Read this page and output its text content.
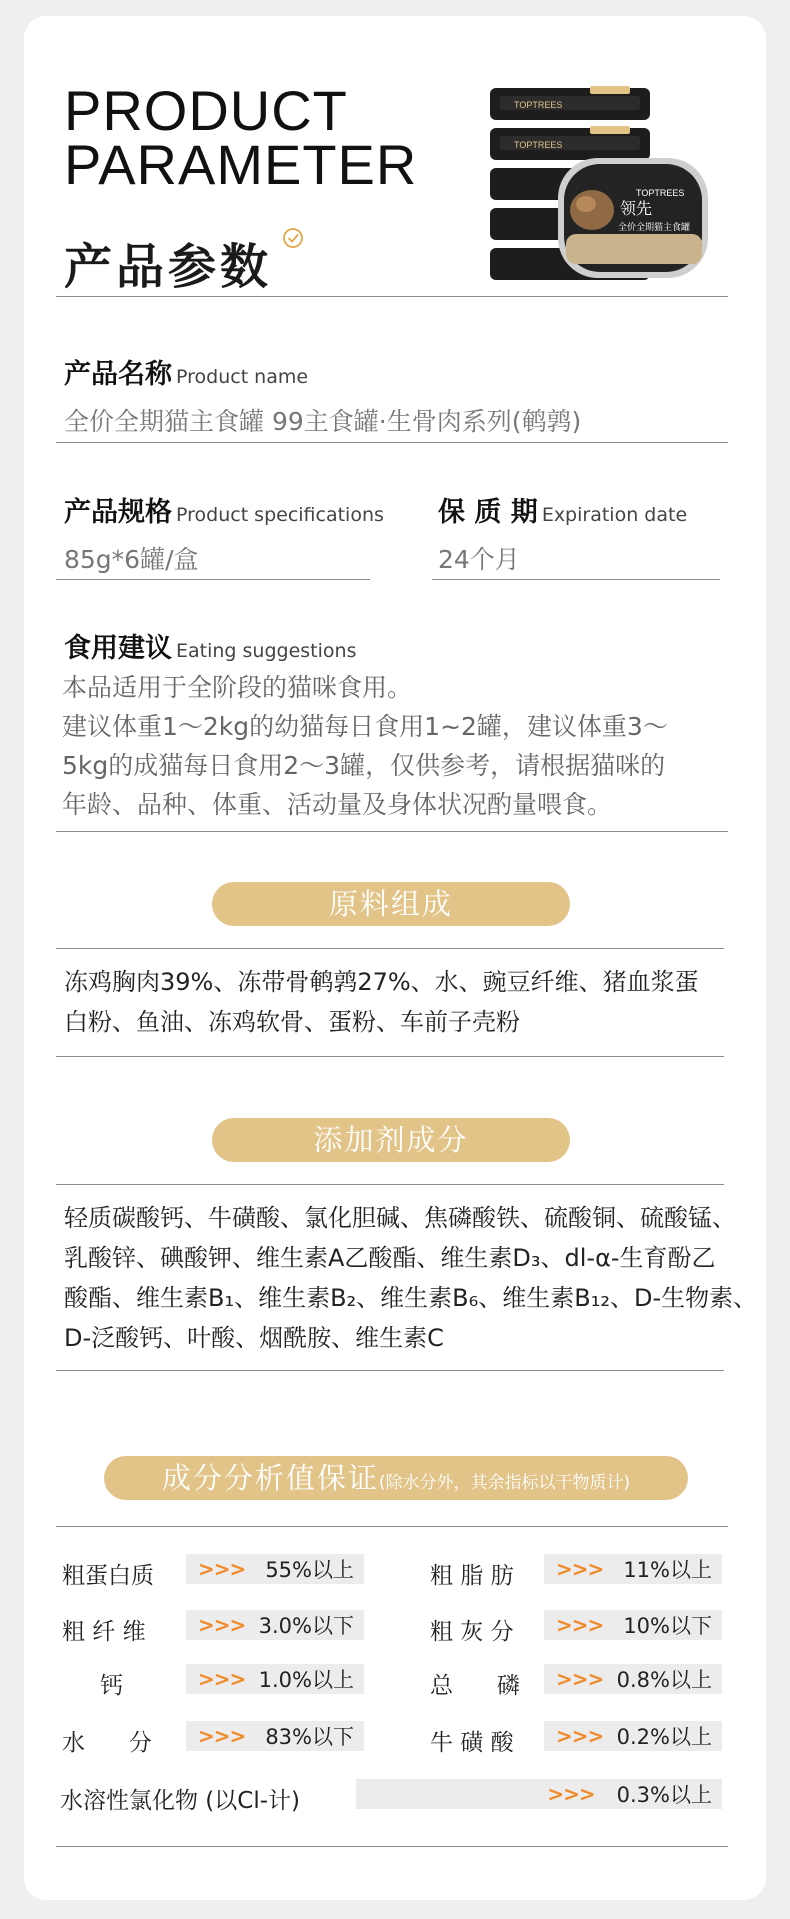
PRODUCT
PARAMETER
产品参数
TOPTREES
TOPTREES
TOPTREES
领先
全价全期猫主食罐
产品名称 Product name
全价全期猫主食罐 99主食罐·生骨肉系列(鹌鹑)
产品规格 Product specifications
85g*6罐/盒
保 质 期 Expiration date
24个月
食用建议 Eating suggestions
本品适用于全阶段的猫咪食用。
建议体重1～2kg的幼猫每日食用1~2罐，建议体重3～
5kg的成猫每日食用2～3罐，仅供参考，请根据猫咪的
年龄、品种、体重、活动量及身体状况酌量喂食。
原料组成
冻鸡胸肉39%、冻带骨鹌鹑27%、水、豌豆纤维、猪血浆蛋
白粉、鱼油、冻鸡软骨、蛋粉、车前子壳粉
添加剂成分
轻质碳酸钙、牛磺酸、氯化胆碱、焦磷酸铁、硫酸铜、硫酸锰、
乳酸锌、碘酸钾、维生素A乙酸酯、维生素D₃、dl-α-生育酚乙
酸酯、维生素B₁、维生素B₂、维生素B₆、维生素B₁₂、D-生物素、
D-泛酸钙、叶酸、烟酰胺、维生素C
成分分析值保证(除水分外，其余指标以干物质计)
粗蛋白质 >>> 55%以上	粗 脂 肪 >>> 11%以上
粗 纤 维	>>> 3.0%以下	粗 灰 分 >>> 10%以下
钙	>>> 1.0%以上	总      磷 >>> 0.8%以上
水      分 >>> 83%以下	牛 磺 酸 >>> 0.2%以上
水溶性氯化物 (以Cl-计)	>>> 0.3%以上
